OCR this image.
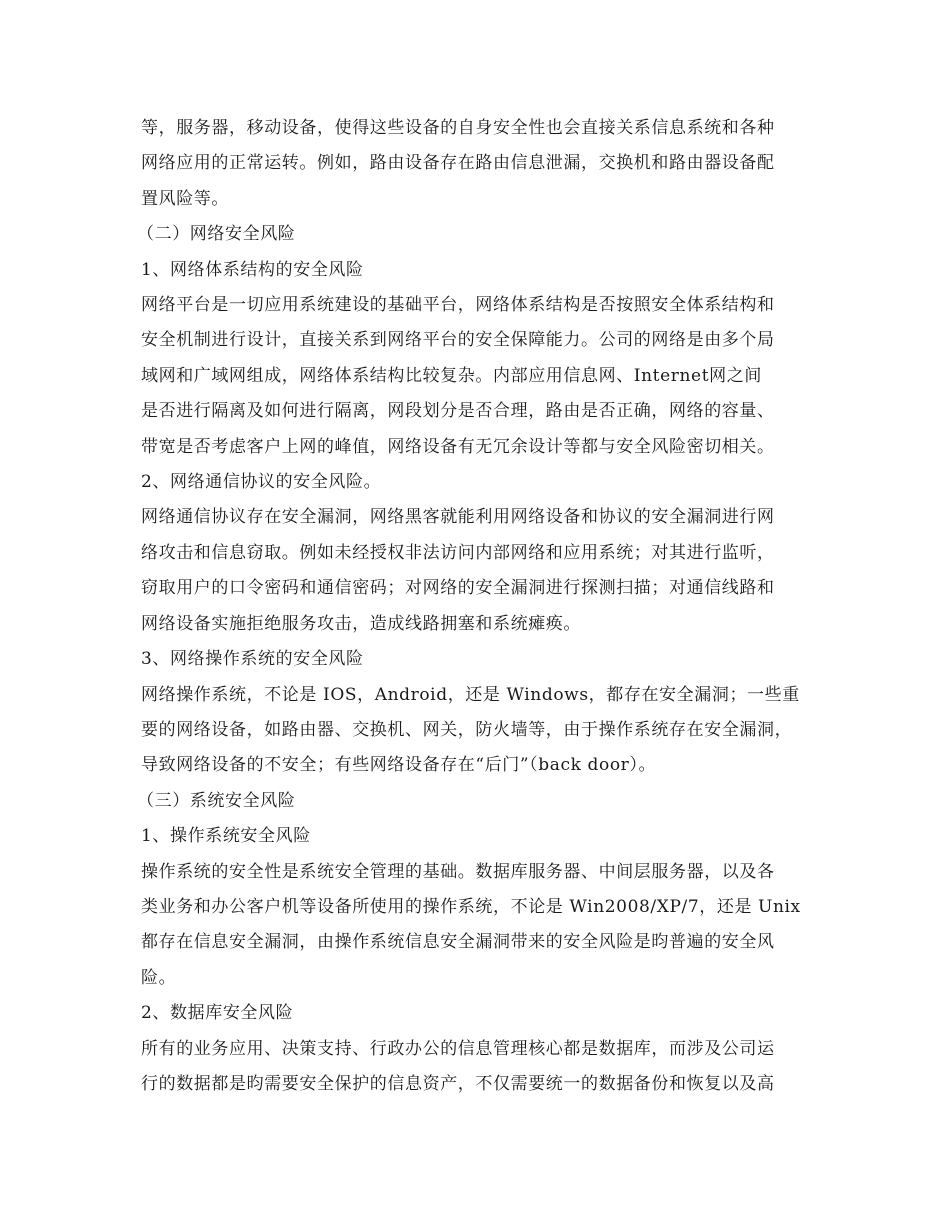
等，服务器，移动设备，使得这些设备的自身安全性也会直接关系信息系统和各种

网络应用的正常运转。例如，路由设备存在路由信息泄漏，交换机和路由器设备配

置风险等。

（二）网络安全风险

1、网络体系结构的安全风险

网络平台是一切应用系统建设的基础平台，网络体系结构是否按照安全体系结构和

安全机制进行设计，直接关系到网络平台的安全保障能力。公司的网络是由多个局

域网和广域网组成，网络体系结构比较复杂。内部应用信息网、Internet网之间

是否进行隔离及如何进行隔离，网段划分是否合理，路由是否正确，网络的容量、

带宽是否考虑客户上网的峰值，网络设备有无冗余设计等都与安全风险密切相关。

2、网络通信协议的安全风险。

网络通信协议存在安全漏洞，网络黑客就能利用网络设备和协议的安全漏洞进行网

络攻击和信息窃取。例如未经授权非法访问内部网络和应用系统；对其进行监听，

窃取用户的口令密码和通信密码；对网络的安全漏洞进行探测扫描；对通信线路和

网络设备实施拒绝服务攻击，造成线路拥塞和系统瘫痪。

3、网络操作系统的安全风险

网络操作系统，不论是 IOS，Android，还是 Windows，都存在安全漏洞；一些重

要的网络设备，如路由器、交换机、网关，防火墙等，由于操作系统存在安全漏洞，

导致网络设备的不安全；有些网络设备存在“后门”（back door）。

（三）系统安全风险

1、操作系统安全风险

操作系统的安全性是系统安全管理的基础。数据库服务器、中间层服务器，以及各

类业务和办公客户机等设备所使用的操作系统，不论是 Win2008/XP/7，还是 Unix

都存在信息安全漏洞，由操作系统信息安全漏洞带来的安全风险是昀普遍的安全风

险。

2、数据库安全风险

所有的业务应用、决策支持、行政办公的信息管理核心都是数据库，而涉及公司运

行的数据都是昀需要安全保护的信息资产，不仅需要统一的数据备份和恢复以及高
